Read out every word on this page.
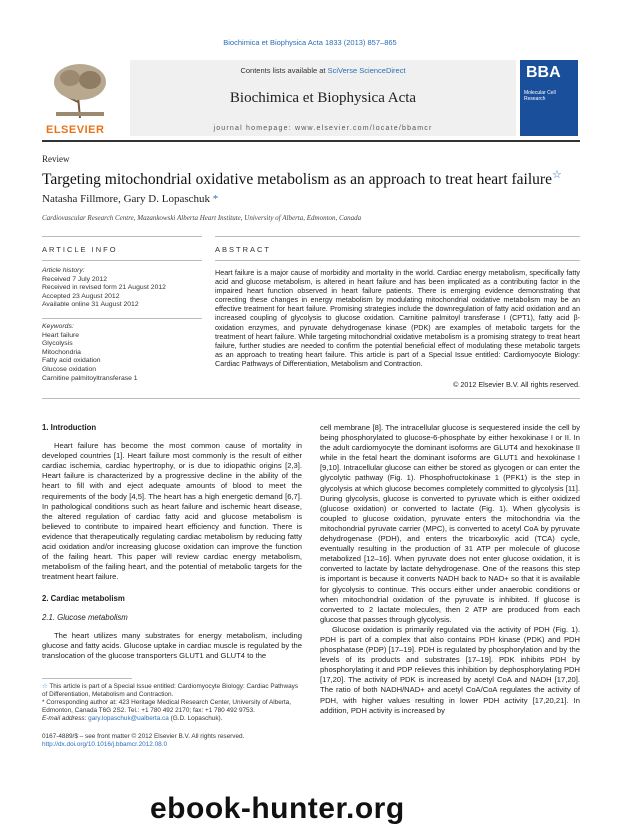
Biochimica et Biophysica Acta 1833 (2013) 857–865
ELSEVIER
Contents lists available at SciVerse ScienceDirect
Biochimica et Biophysica Acta
journal homepage: www.elsevier.com/locate/bbamcr
BBA
Molecular Cell Research
Review
Targeting mitochondrial oxidative metabolism as an approach to treat heart failure☆
Natasha Fillmore, Gary D. Lopaschuk *
Cardiovascular Research Centre, Mazankowski Alberta Heart Institute, University of Alberta, Edmonton, Canada
ARTICLE INFO	ABSTRACT
Article history:
Received 7 July 2012
Received in revised form 21 August 2012
Accepted 23 August 2012
Available online 31 August 2012
Keywords:
Heart failure
Glycolysis
Mitochondria
Fatty acid oxidation
Glucose oxidation
Carnitine palmitoyltransferase 1
Heart failure is a major cause of morbidity and mortality in the world. Cardiac energy metabolism, specifically fatty acid and glucose metabolism, is altered in heart failure and has been implicated as a contributing factor in the impaired heart function observed in heart failure patients. There is emerging evidence demonstrating that correcting these changes in energy metabolism by modulating mitochondrial oxidative metabolism may be an effective treatment for heart failure. Promising strategies include the downregulation of fatty acid oxidation and an increased coupling of glycolysis to glucose oxidation. Carnitine palmitoyl transferase I (CPT1), fatty acid β-oxidation enzymes, and pyruvate dehydrogenase kinase (PDK) are examples of metabolic targets for the treatment of heart failure. While targeting mitochondrial oxidative metabolism is a promising strategy to treat heart failure, further studies are needed to confirm the potential beneficial effect of modulating these metabolic targets as an approach to treating heart failure. This article is part of a Special Issue entitled: Cardiomyocyte Biology: Cardiac Pathways of Differentiation, Metabolism and Contraction.
© 2012 Elsevier B.V. All rights reserved.
1. Introduction

Heart failure has become the most common cause of mortality in developed countries [1]. Heart failure most commonly is the result of either cardiac ischemia, cardiac hypertrophy, or is due to idiopathic origins [2,3]. Heart failure is characterized by a progressive decline in the ability of the heart to fill with and eject adequate amounts of blood to meet the requirements of the body [4,5]. The heart has a high energetic demand [6,7]. In pathological conditions such as heart failure and ischemic heart disease, the altered regulation of cardiac fatty acid and glucose metabolism is believed to contribute to impaired heart efficiency and function. There is evidence that therapeutically regulating cardiac metabolism by reducing fatty acid oxidation and/or increasing glucose oxidation can improve the function of the failing heart. This paper will review cardiac energy metabolism, metabolism of the failing heart, and the potential of metabolic targets for the treatment heart failure.

2. Cardiac metabolism
2.1. Glucose metabolism

The heart utilizes many substrates for energy metabolism, including glucose and fatty acids. Glucose uptake in cardiac muscle is regulated by the translocation of the glucose transporters GLUT1 and GLUT4 to the

cell membrane [8]. The intracellular glucose is sequestered inside the cell by being phosphorylated to glucose-6-phosphate by either hexokinase I or II. In the adult cardiomyocyte the dominant isoforms are GLUT4 and hexokinase II while in the fetal heart the dominant isoforms are GLUT1 and hexokinase I [9,10]. Intracellular glucose can either be stored as glycogen or can enter the glycolytic pathway (Fig. 1). Phosphofructokinase 1 (PFK1) is the step in glycolysis at which glucose becomes completely committed to glycolysis [11]. During glycolysis, glucose is converted to pyruvate which is either oxidized (glucose oxidation) or converted to lactate (Fig. 1). When glycolysis is coupled to glucose oxidation, pyruvate enters the mitochondria via the mitochondrial pyruvate carrier (MPC), is converted to acetyl CoA by pyruvate dehydrogenase (PDH), and enters the tricarboxylic acid (TCA) cycle, eventually resulting in the production of 31 ATP per molecule of glucose metabolized [12–16]. When pyruvate does not enter glucose oxidation, it is converted to lactate by lactate dehydrogenase. One of the reasons this step is important is because it converts NADH back to NAD+ so that it is available for glycolysis to continue. This occurs either under anaerobic conditions or when mitochondrial oxidation of the pyruvate is inhibited. If glucose is converted to 2 lactate molecules, then 2 ATP are produced from each glucose that passes through glycolysis.

Glucose oxidation is primarily regulated via the activity of PDH (Fig. 1). PDH is part of a complex that also contains PDH kinase (PDK) and PDH phosphatase (PDP) [17–19]. PDH is regulated by phosphorylation and by the levels of its products and substrates [17–19]. PDK inhibits PDH by phosphorylating it and PDP relieves this inhibition by dephosphorylating PDH [17,20]. The activity of PDK is increased by acetyl CoA and NADH [17,20]. The ratio of both NADH/NAD+ and acetyl CoA/CoA regulates the activity of PDH, with higher values resulting in lower PDH activity [17,20,21]. In addition, PDH activity is increased by

☆ This article is part of a Special Issue entitled: Cardiomyocyte Biology: Cardiac Pathways of Differentiation, Metabolism and Contraction.
* Corresponding author at: 423 Heritage Medical Research Center, University of Alberta, Edmonton, Canada T6G 2S2. Tel.: +1 780 492 2170; fax: +1 780 492 9753.
E-mail address: gary.lopaschuk@ualberta.ca (G.D. Lopaschuk).
0167-4889/$ – see front matter © 2012 Elsevier B.V. All rights reserved.
http://dx.doi.org/10.1016/j.bbamcr.2012.08.0
ebook-hunter.org
